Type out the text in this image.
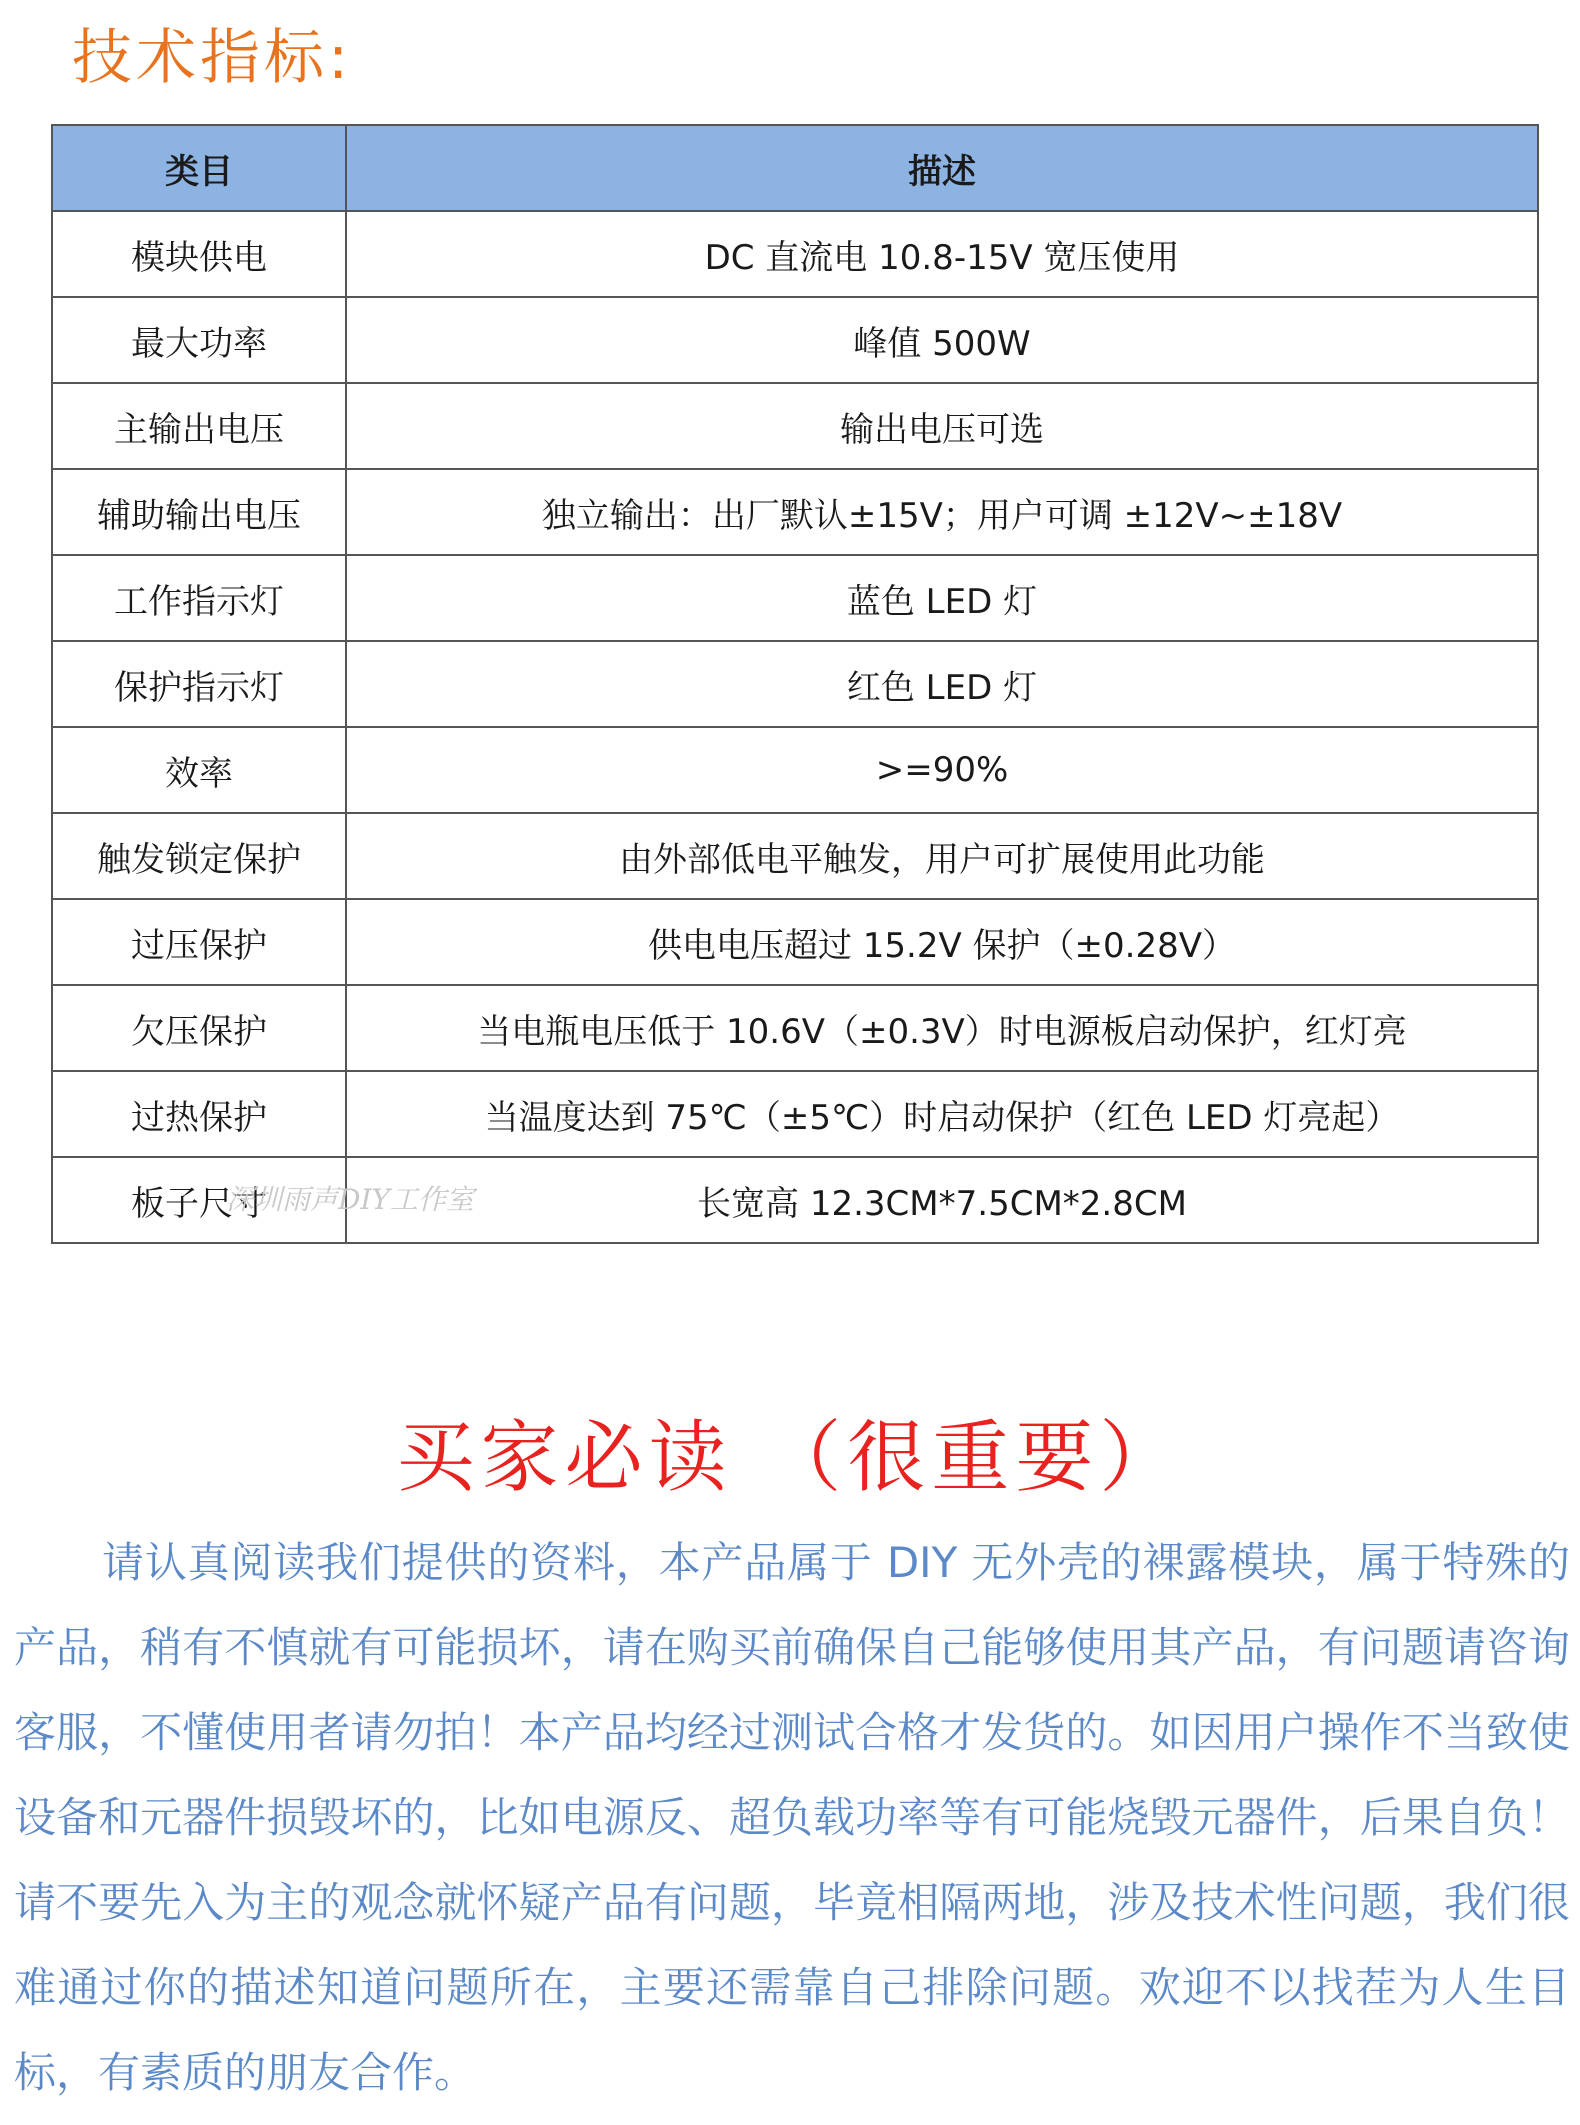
技术指标:
类目	描述
模块供电	DC 直流电 10.8-15V 宽压使用
最大功率	峰值 500W
主输出电压	输出电压可选
辅助输出电压	独立输出：出厂默认±15V；用户可调 ±12V~±18V
工作指示灯	蓝色 LED 灯
保护指示灯	红色 LED 灯
效率	>=90%
触发锁定保护	由外部低电平触发，用户可扩展使用此功能
过压保护	供电电压超过 15.2V 保护（±0.28V）
欠压保护	当电瓶电压低于 10.6V（±0.3V）时电源板启动保护，红灯亮
过热保护	当温度达到 75℃（±5℃）时启动保护（红色 LED 灯亮起）
板子尺寸	长宽高 12.3CM*7.5CM*2.8CM
深圳雨声DIY工作室
买家必读 （很重要）
请认真阅读我们提供的资料，本产品属于 DIY 无外壳的裸露模块，属于特殊的产品，稍有不慎就有可能损坏，请在购买前确保自己能够使用其产品，有问题请咨询客服，不懂使用者请勿拍！本产品均经过测试合格才发货的。如因用户操作不当致使设备和元器件损毁坏的，比如电源反、超负载功率等有可能烧毁元器件，后果自负！请不要先入为主的观念就怀疑产品有问题，毕竟相隔两地，涉及技术性问题，我们很难通过你的描述知道问题所在，主要还需靠自己排除问题。欢迎不以找茬为人生目标，有素质的朋友合作。
